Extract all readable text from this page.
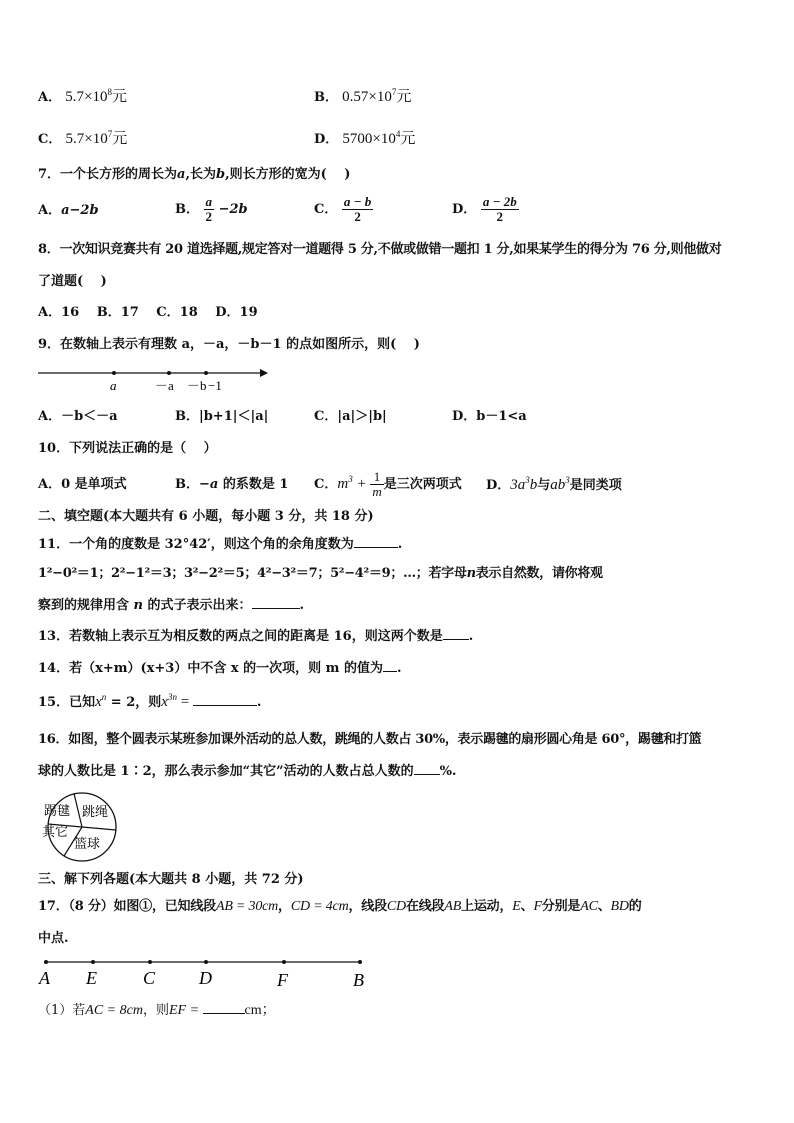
A． $5.7\times 10^8$元	B． $0.57\times 10^7$元
C． $5.7\times 10^7$元	D． $5700\times 10^4$元
7．一个长方形的周长为a,长为b,则长方形的宽为(　 )
A．a−2b	B． $\frac{a}{2} -2b$	C． $\frac{a - b}{2}$	D． $\frac{a - 2b}{2}$
8．一次知识竞赛共有 20 道选择题,规定答对一道题得 5 分,不做或做错一题扣 1 分,如果某学生的得分为 76 分,则他做对
了道题(　 )
A．16　 B．17　 C．18　 D．19
9．在数轴上表示有理数 a，－a，－b－1 的点如图所示，则(　 )
a	－a －b −1
A．－b＜－a	B．|b+1|＜|a|	C．|a|＞|b|	D．b－1<a
10．下列说法正确的是（　 ）
A．0 是单项式	B．−a 的系数是 1 C．$m^3 + \frac{1}{m}$ 是三次两项式 D．$3a^3b$与$ab^3$是同类项
二、填空题(本大题共有 6 小题，每小题 3 分，共 18 分)
11．一个角的度数是 32°42′，则这个角的余角度数为	.
1²−0²＝1；2²−1²＝3；3²−2²＝5；4²−3²＝7；5²−4²＝9；…；若字母n表示自然数，请你将观
察到的规律用含 n 的式子表示出来：	.
13．若数轴上表示互为相反数的两点之间的距离是 16，则这两个数是 .
14．若（x+m）(x+3）中不含 x 的一次项，则 m 的值为 .
15．已知$x^n = 2$，则$x^{3n}$ =	.
16．如图，整个圆表示某班参加课外活动的总人数，跳绳的人数占 30%，表示踢毽的扇形圆心角是 60°，踢毽和打篮
球的人数比是 1∶2，那么表示参加“其它”活动的人数占总人数的 %.
踢毽 跳绳
其它
篮球
三、解下列各题(本大题共 8 小题，共 72 分)
17．（8 分）如图①，已知线段AB = 30cm，CD = 4cm，线段CD在线段AB上运动，E、F分别是AC、BD的
中点.
A E	C D	F	B
（1）若AC = 8cm，则EF =	cm；
